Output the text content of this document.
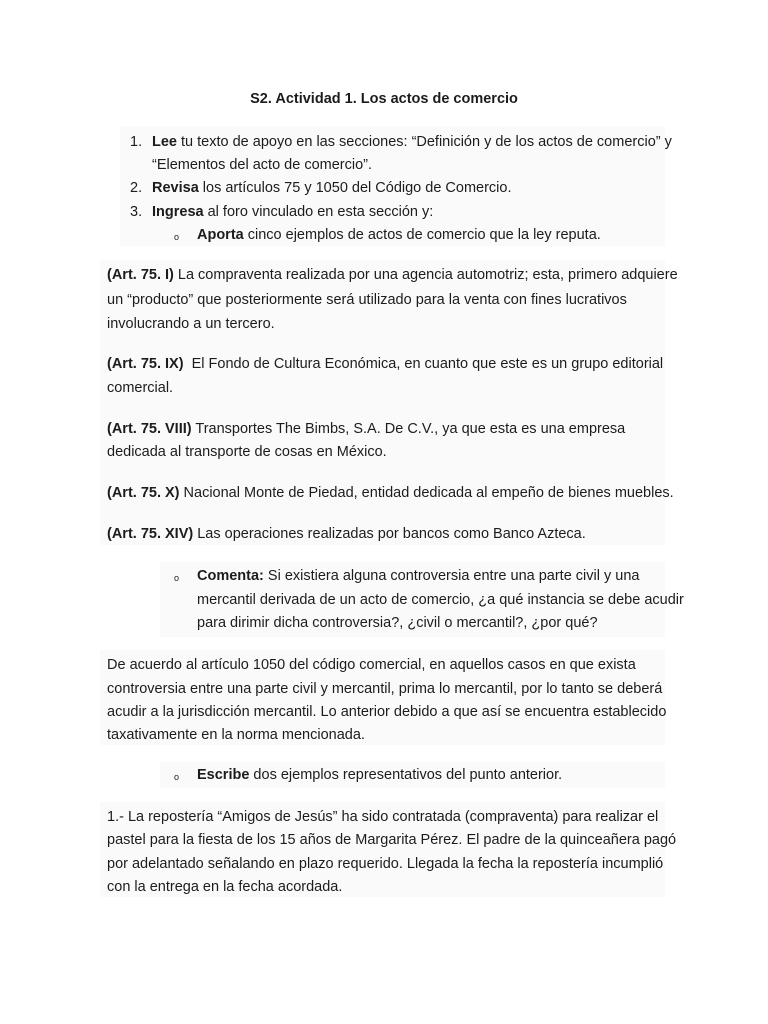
S2. Actividad 1. Los actos de comercio
1. Lee tu texto de apoyo en las secciones: “Definición y de los actos de comercio” y
“Elementos del acto de comercio”.
2. Revisa los artículos 75 y 1050 del Código de Comercio.
3. Ingresa al foro vinculado en esta sección y:
o Aporta cinco ejemplos de actos de comercio que la ley reputa.
(Art. 75. I) La compraventa realizada por una agencia automotriz; esta, primero adquiere
un “producto” que posteriormente será utilizado para la venta con fines lucrativos
involucrando a un tercero.
(Art. 75. IX)  El Fondo de Cultura Económica, en cuanto que este es un grupo editorial
comercial.
(Art. 75. VIII) Transportes The Bimbs, S.A. De C.V., ya que esta es una empresa
dedicada al transporte de cosas en México.
(Art. 75. X) Nacional Monte de Piedad, entidad dedicada al empeño de bienes muebles.
(Art. 75. XIV) Las operaciones realizadas por bancos como Banco Azteca.
o Comenta: Si existiera alguna controversia entre una parte civil y una
mercantil derivada de un acto de comercio, ¿a qué instancia se debe acudir
para dirimir dicha controversia?, ¿civil o mercantil?, ¿por qué?
De acuerdo al artículo 1050 del código comercial, en aquellos casos en que exista
controversia entre una parte civil y mercantil, prima lo mercantil, por lo tanto se deberá
acudir a la jurisdicción mercantil. Lo anterior debido a que así se encuentra establecido
taxativamente en la norma mencionada.
o Escribe dos ejemplos representativos del punto anterior.
1.- La repostería “Amigos de Jesús” ha sido contratada (compraventa) para realizar el
pastel para la fiesta de los 15 años de Margarita Pérez. El padre de la quinceañera pagó
por adelantado señalando en plazo requerido. Llegada la fecha la repostería incumplió
con la entrega en la fecha acordada.
